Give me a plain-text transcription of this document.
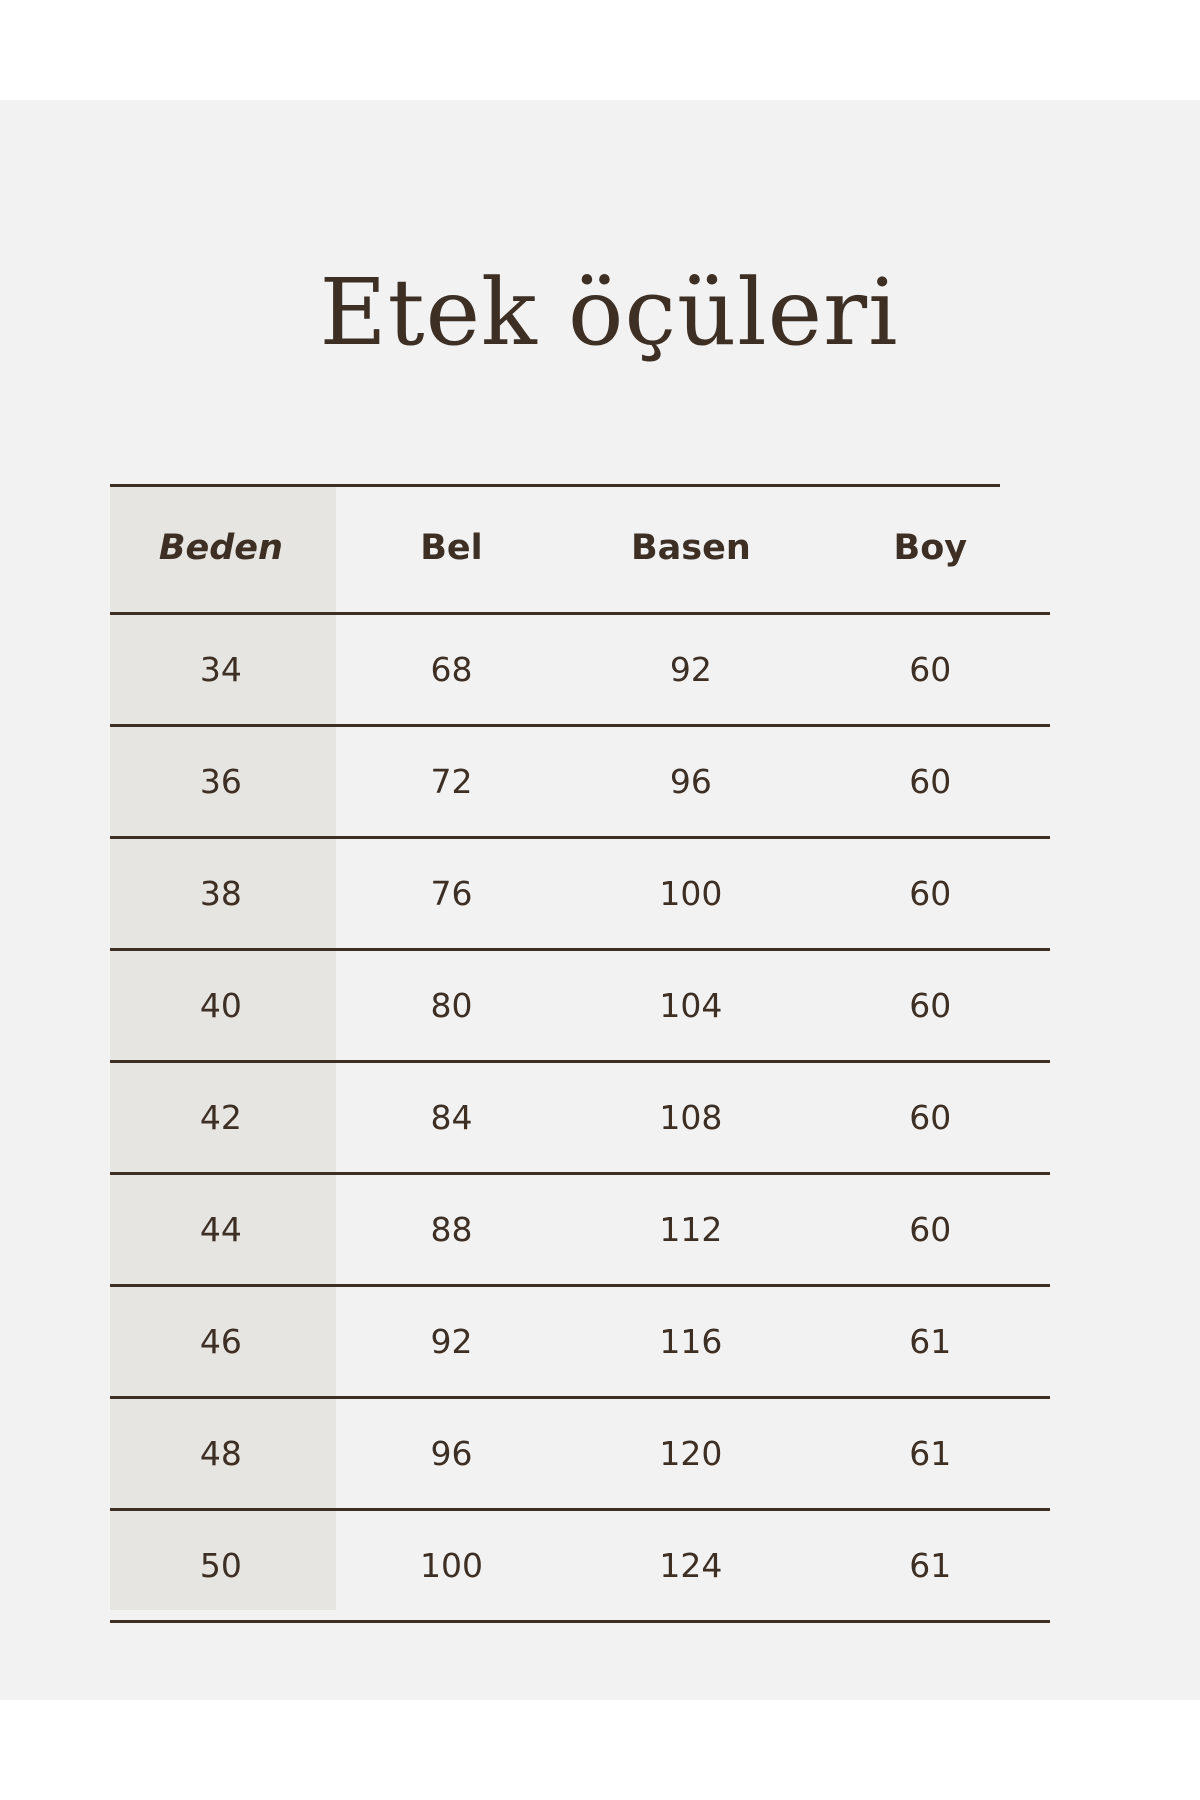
Etek öçüleri
Beden	Bel	Basen	Boy
34	68	92	60
36	72	96	60
38	76	100	60
40	80	104	60
42	84	108	60
44	88	112	60
46	92	116	61
48	96	120	61
50	100	124	61
